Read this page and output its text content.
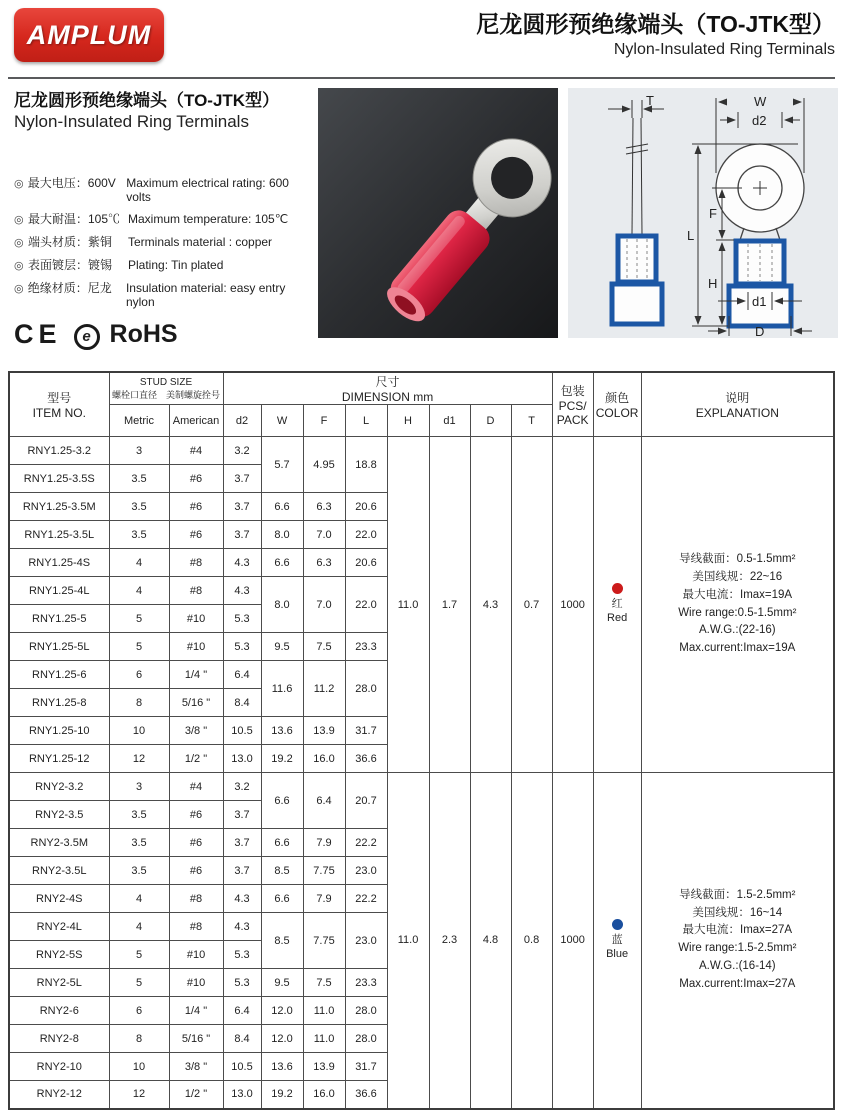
AMPLUM	尼龙圆形预绝缘端头（TO-JTK型）
Nylon-Insulated Ring Terminals
尼龙圆形预绝缘端头（TO-JTK型）
Nylon-Insulated Ring Terminals
◎ 最大电压：600V Maximum electrical rating: 600 volts
◎ 最大耐温：105℃ Maximum temperature: 105℃
◎ 端头材质：紫铜	Terminals material : copper
◎ 表面镀层：镀锡	Plating: Tin plated
◎ 绝缘材质：尼龙	Insulation material: easy entry nylon
CE	e RoHS
T	W
d2
L
F
H
d1
D
型号
ITEM NO.

STUD SIZE
螺栓口直径　美制螺旋拴号

尺寸
DIMENSION mm	包装
PCS/
PACK

颜色
COLOR

说明
EXPLANATION

	Metric	American	d2	W	F	L	H	d1	D	T			
RNY1.25-3.2	3	#4	3.2	5.7	4.95	18.8	11.0	1.7	4.3	0.7	1000	红
Red

导线截面：0.5-1.5mm²
美国线规：22~16
最大电流：Imax=19A
Wire range:0.5-1.5mm²
A.W.G.:(22-16)
Max.current:Imax=19A

RNY1.25-3.5S	3.5	#6	3.7										
RNY1.25-3.5M	3.5	#6	3.7	6.6	6.3	20.6							
RNY1.25-3.5L	3.5	#6	3.7	8.0	7.0	22.0							
RNY1.25-4S	4	#8	4.3	6.6	6.3	20.6							
RNY1.25-4L	4	#8	4.3	8.0	7.0	22.0							
RNY1.25-5	5	#10	5.3										
RNY1.25-5L	5	#10	5.3	9.5	7.5	23.3							
RNY1.25-6	6	1/4 "	6.4	11.6	11.2	28.0							
RNY1.25-8	8	5/16 "	8.4										
RNY1.25-10	10	3/8 "	10.5	13.6	13.9	31.7							
RNY1.25-12	12	1/2 "	13.0	19.2	16.0	36.6							
RNY2-3.2	3	#4	3.2	6.6	6.4	20.7	11.0	2.3	4.8	0.8	1000	蓝
Blue

导线截面：1.5-2.5mm²
美国线规：16~14
最大电流：Imax=27A
Wire range:1.5-2.5mm²
A.W.G.:(16-14)
Max.current:Imax=27A

RNY2-3.5	3.5	#6	3.7										
RNY2-3.5M	3.5	#6	3.7	6.6	7.9	22.2							
RNY2-3.5L	3.5	#6	3.7	8.5	7.75	23.0							
RNY2-4S	4	#8	4.3	6.6	7.9	22.2							
RNY2-4L	4	#8	4.3	8.5	7.75	23.0							
RNY2-5S	5	#10	5.3										
RNY2-5L	5	#10	5.3	9.5	7.5	23.3							
RNY2-6	6	1/4 "	6.4	12.0	11.0	28.0							
RNY2-8	8	5/16 "	8.4	12.0	11.0	28.0							
RNY2-10	10	3/8 "	10.5	13.6	13.9	31.7							
RNY2-12	12	1/2 "	13.0	19.2	16.0	36.6							
